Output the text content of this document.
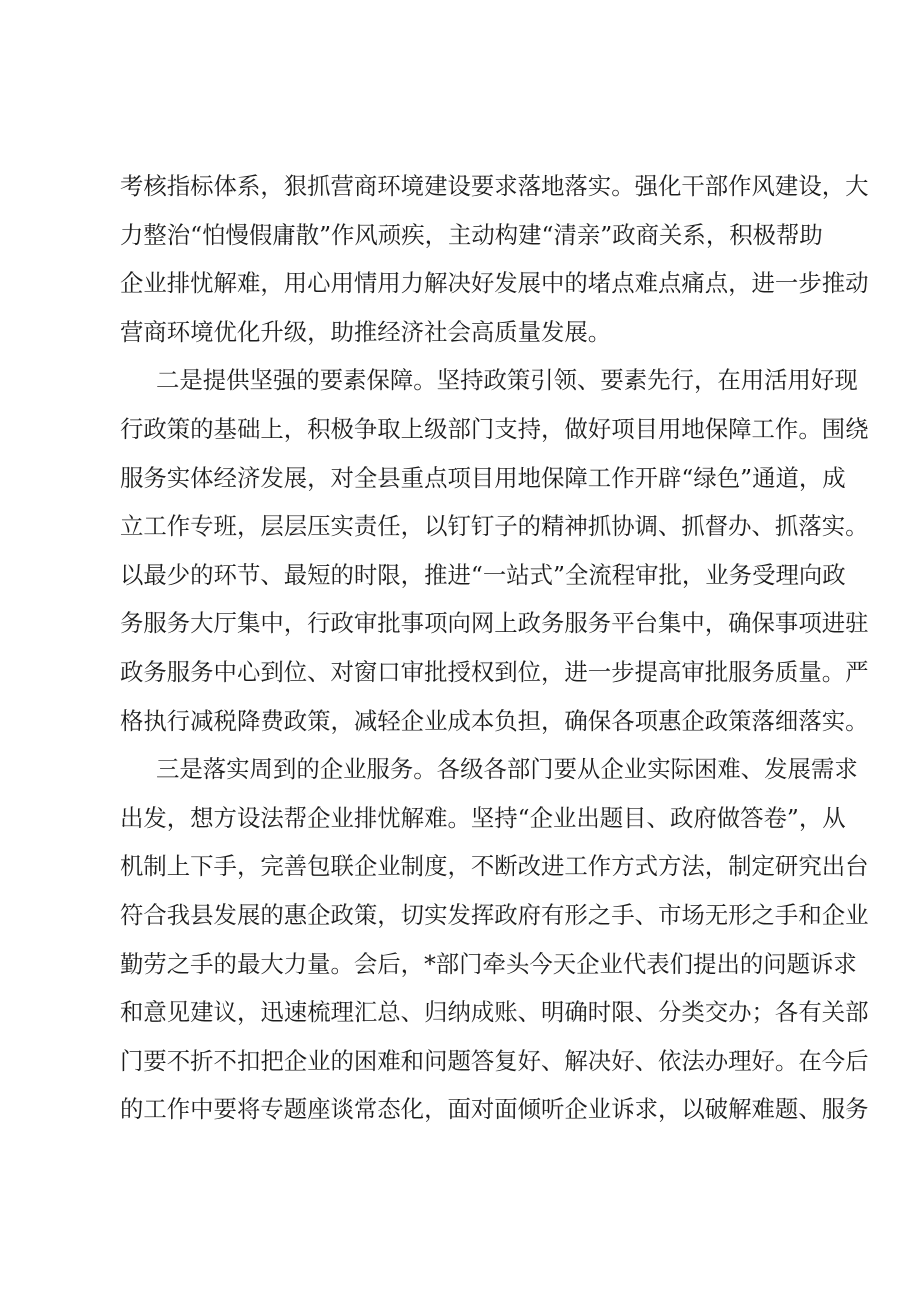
考核指标体系，狠抓营商环境建设要求落地落实。强化干部作风建设，大
力整治“怕慢假庸散”作风顽疾，主动构建“清亲”政商关系，积极帮助
企业排忧解难，用心用情用力解决好发展中的堵点难点痛点，进一步推动
营商环境优化升级，助推经济社会高质量发展。
二是提供坚强的要素保障。坚持政策引领、要素先行，在用活用好现
行政策的基础上，积极争取上级部门支持，做好项目用地保障工作。围绕
服务实体经济发展，对全县重点项目用地保障工作开辟“绿色”通道，成
立工作专班，层层压实责任，以钉钉子的精神抓协调、抓督办、抓落实。
以最少的环节、最短的时限，推进“一站式”全流程审批，业务受理向政
务服务大厅集中，行政审批事项向网上政务服务平台集中，确保事项进驻
政务服务中心到位、对窗口审批授权到位，进一步提高审批服务质量。严
格执行减税降费政策，减轻企业成本负担，确保各项惠企政策落细落实。
三是落实周到的企业服务。各级各部门要从企业实际困难、发展需求
出发，想方设法帮企业排忧解难。坚持“企业出题目、政府做答卷”，从
机制上下手，完善包联企业制度，不断改进工作方式方法，制定研究出台
符合我县发展的惠企政策，切实发挥政府有形之手、市场无形之手和企业
勤劳之手的最大力量。会后，*部门牵头今天企业代表们提出的问题诉求
和意见建议，迅速梳理汇总、归纳成账、明确时限、分类交办；各有关部
门要不折不扣把企业的困难和问题答复好、解决好、依法办理好。在今后
的工作中要将专题座谈常态化，面对面倾听企业诉求，以破解难题、服务
